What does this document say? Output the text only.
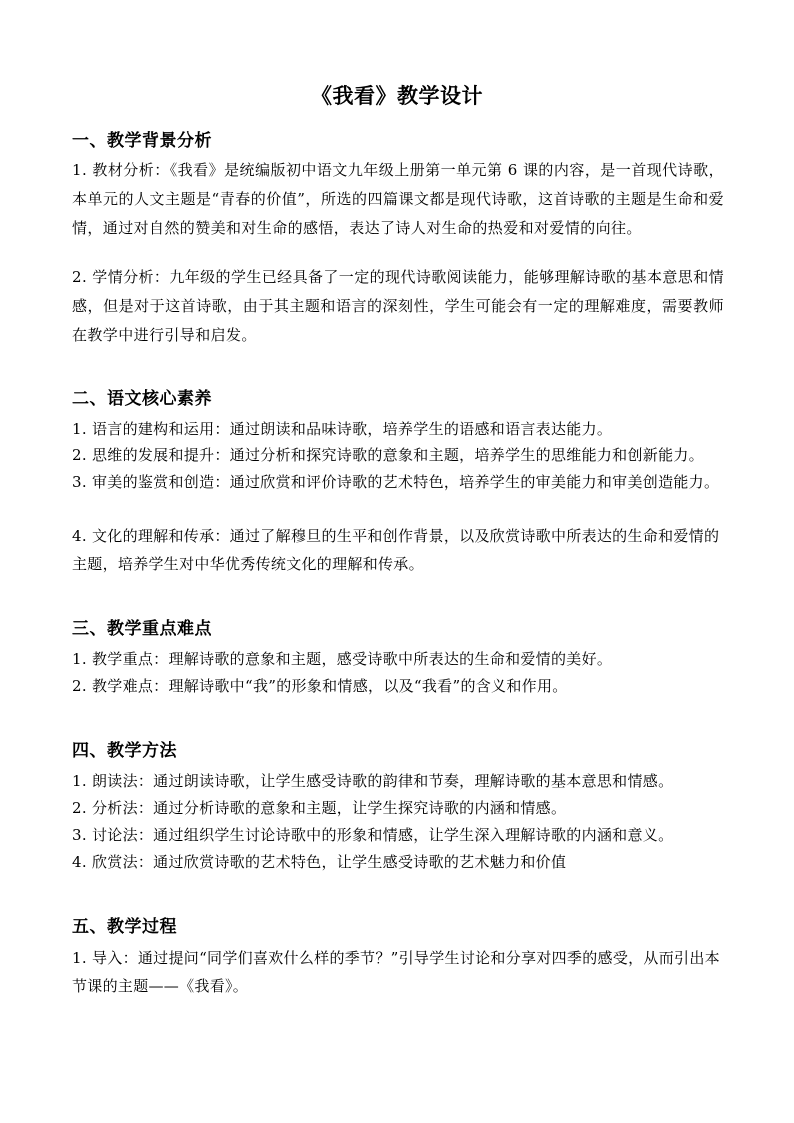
《我看》教学设计
一、教学背景分析
1. 教材分析：《我看》是统编版初中语文九年级上册第一单元第 6 课的内容，是一首现代诗歌，本单元的人文主题是“青春的价值”，所选的四篇课文都是现代诗歌，这首诗歌的主题是生命和爱情，通过对自然的赞美和对生命的感悟，表达了诗人对生命的热爱和对爱情的向往。
2. 学情分析：九年级的学生已经具备了一定的现代诗歌阅读能力，能够理解诗歌的基本意思和情感，但是对于这首诗歌，由于其主题和语言的深刻性，学生可能会有一定的理解难度，需要教师在教学中进行引导和启发。
二、语文核心素养
1. 语言的建构和运用：通过朗读和品味诗歌，培养学生的语感和语言表达能力。
2. 思维的发展和提升：通过分析和探究诗歌的意象和主题，培养学生的思维能力和创新能力。
3. 审美的鉴赏和创造：通过欣赏和评价诗歌的艺术特色，培养学生的审美能力和审美创造能力。
4. 文化的理解和传承：通过了解穆旦的生平和创作背景，以及欣赏诗歌中所表达的生命和爱情的主题，培养学生对中华优秀传统文化的理解和传承。
三、教学重点难点
1. 教学重点：理解诗歌的意象和主题，感受诗歌中所表达的生命和爱情的美好。
2. 教学难点：理解诗歌中“我”的形象和情感，以及“我看”的含义和作用。
四、教学方法
1. 朗读法：通过朗读诗歌，让学生感受诗歌的韵律和节奏，理解诗歌的基本意思和情感。
2. 分析法：通过分析诗歌的意象和主题，让学生探究诗歌的内涵和情感。
3. 讨论法：通过组织学生讨论诗歌中的形象和情感，让学生深入理解诗歌的内涵和意义。
4. 欣赏法：通过欣赏诗歌的艺术特色，让学生感受诗歌的艺术魅力和价值
五、教学过程
1. 导入：通过提问“同学们喜欢什么样的季节？”引导学生讨论和分享对四季的感受，从而引出本节课的主题——《我看》。
